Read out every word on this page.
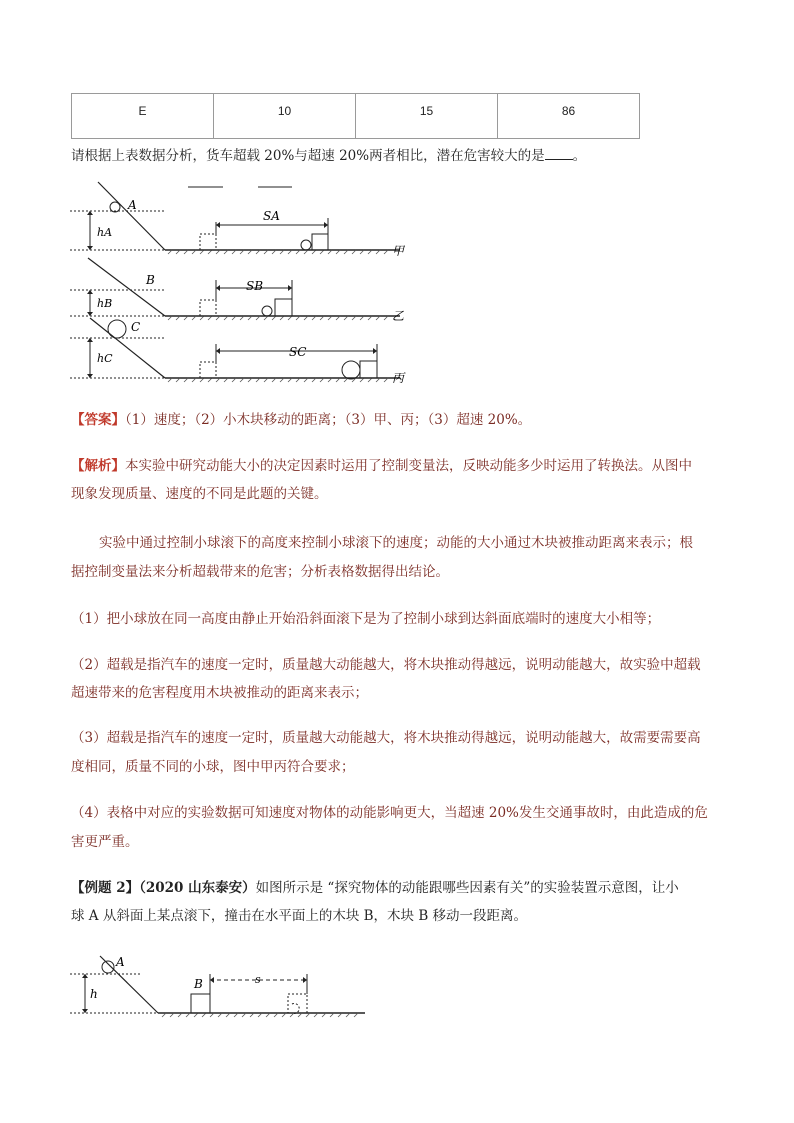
E	10	15	86
请根据上表数据分析，货车超载 20%与超速 20%两者相比，潜在危害较大的是 。
A
hA
SA
甲
B
hB
SB
乙
C
hC	SC
丙
【答案】（1）速度；（2）小木块移动的距离；（3）甲、丙；（3）超速 20%。
【解析】本实验中研究动能大小的决定因素时运用了控制变量法，反映动能多少时运用了转换法。从图中
现象发现质量、速度的不同是此题的关键。
实验中通过控制小球滚下的高度来控制小球滚下的速度；动能的大小通过木块被推动距离来表示；根
据控制变量法来分析超载带来的危害；分析表格数据得出结论。
（1）把小球放在同一高度由静止开始沿斜面滚下是为了控制小球到达斜面底端时的速度大小相等；
（2）超载是指汽车的速度一定时，质量越大动能越大，将木块推动得越远，说明动能越大，故实验中超载
超速带来的危害程度用木块被推动的距离来表示；
（3）超载是指汽车的速度一定时，质量越大动能越大，将木块推动得越远，说明动能越大，故需要需要高
度相同，质量不同的小球，图中甲丙符合要求；
（4）表格中对应的实验数据可知速度对物体的动能影响更大，当超速 20%发生交通事故时，由此造成的危
害更严重。
【例题 2】（2020 山东泰安）如图所示是 “探究物体的动能跟哪些因素有关”的实验装置示意图，让小
球 A 从斜面上某点滚下，撞击在水平面上的木块 B，木块 B 移动一段距离。
A
h
B	s
